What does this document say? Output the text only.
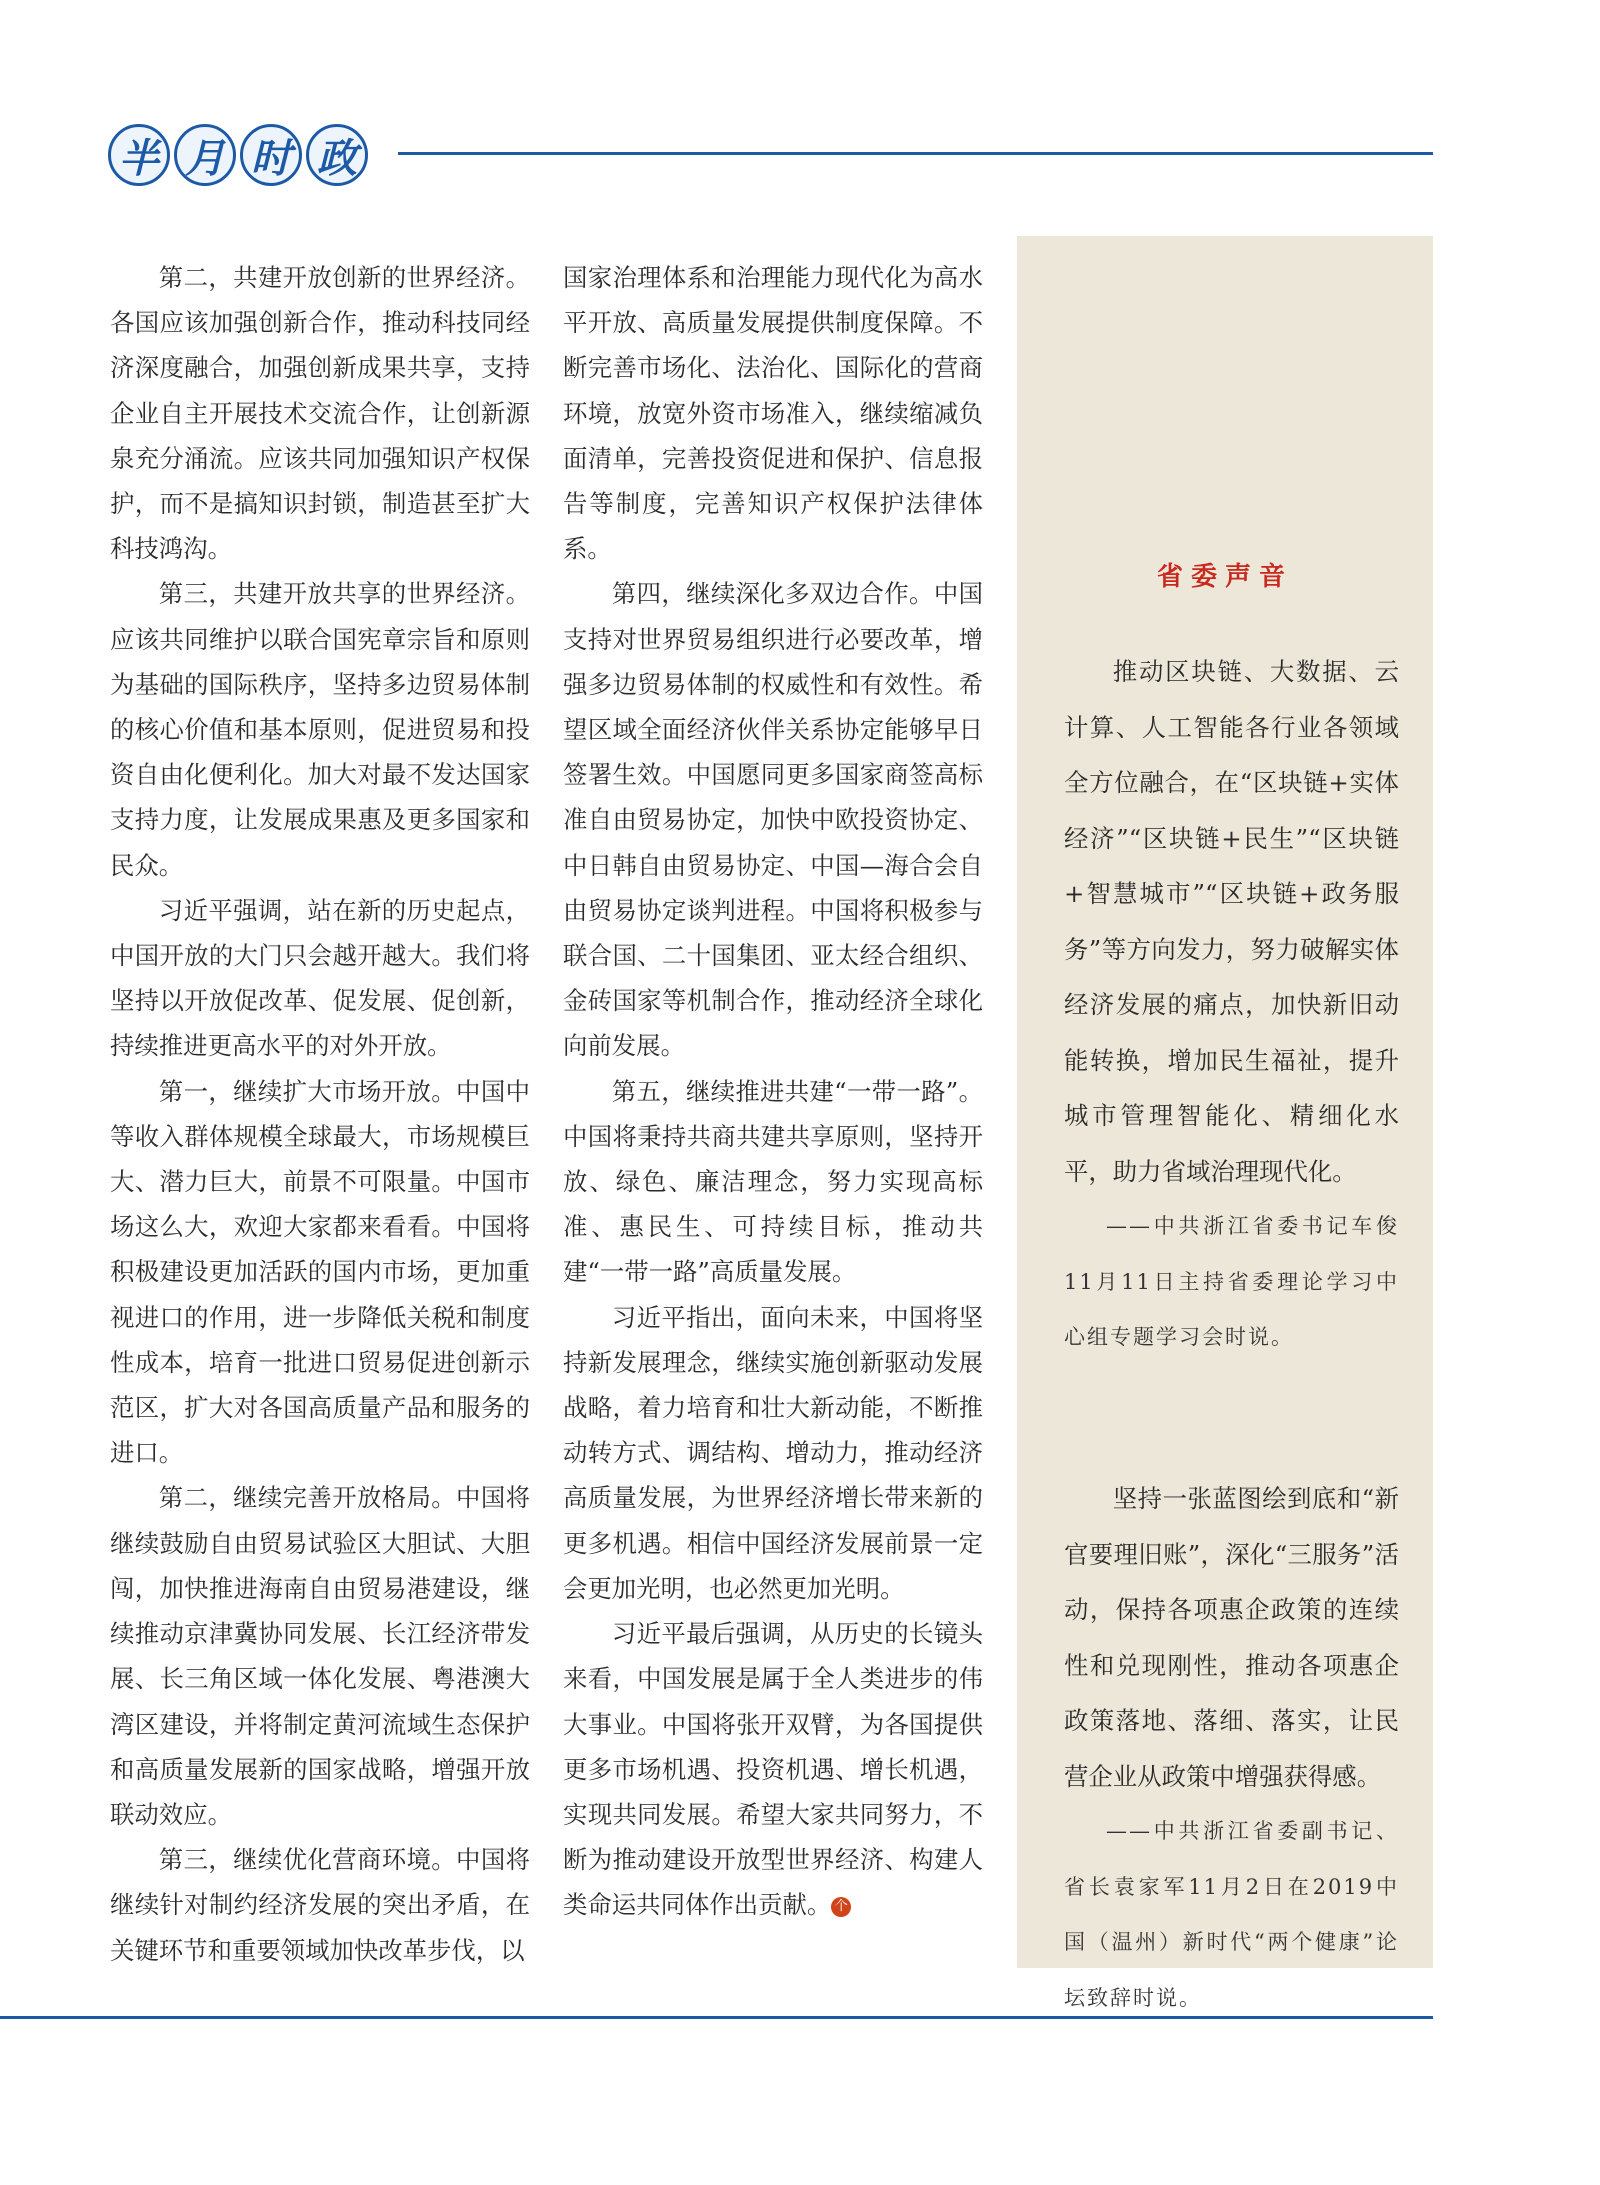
半 月 时 政

第二，共建开放创新的世界经济。各国应该加强创新合作，推动科技同经济深度融合，加强创新成果共享，支持企业自主开展技术交流合作，让创新源泉充分涌流。应该共同加强知识产权保护，而不是搞知识封锁，制造甚至扩大科技鸿沟。

第三，共建开放共享的世界经济。应该共同维护以联合国宪章宗旨和原则为基础的国际秩序，坚持多边贸易体制的核心价值和基本原则，促进贸易和投资自由化便利化。加大对最不发达国家支持力度，让发展成果惠及更多国家和民众。

习近平强调，站在新的历史起点，中国开放的大门只会越开越大。我们将坚持以开放促改革、促发展、促创新，持续推进更高水平的对外开放。

第一，继续扩大市场开放。中国中等收入群体规模全球最大，市场规模巨大、潜力巨大，前景不可限量。中国市场这么大，欢迎大家都来看看。中国将积极建设更加活跃的国内市场，更加重视进口的作用，进一步降低关税和制度性成本，培育一批进口贸易促进创新示范区，扩大对各国高质量产品和服务的进口。

第二，继续完善开放格局。中国将继续鼓励自由贸易试验区大胆试、大胆闯，加快推进海南自由贸易港建设，继续推动京津冀协同发展、长江经济带发展、长三角区域一体化发展、粤港澳大湾区建设，并将制定黄河流域生态保护和高质量发展新的国家战略，增强开放联动效应。

第三，继续优化营商环境。中国将继续针对制约经济发展的突出矛盾，在关键环节和重要领域加快改革步伐，以

国家治理体系和治理能力现代化为高水平开放、高质量发展提供制度保障。不断完善市场化、法治化、国际化的营商环境，放宽外资市场准入，继续缩减负面清单，完善投资促进和保护、信息报告等制度，完善知识产权保护法律体系。

第四，继续深化多双边合作。中国支持对世界贸易组织进行必要改革，增强多边贸易体制的权威性和有效性。希望区域全面经济伙伴关系协定能够早日签署生效。中国愿同更多国家商签高标准自由贸易协定，加快中欧投资协定、中日韩自由贸易协定、中国—海合会自由贸易协定谈判进程。中国将积极参与联合国、二十国集团、亚太经合组织、金砖国家等机制合作，推动经济全球化向前发展。

第五，继续推进共建“一带一路”。中国将秉持共商共建共享原则，坚持开放、绿色、廉洁理念，努力实现高标准、惠民生、可持续目标，推动共建“一带一路”高质量发展。

习近平指出，面向未来，中国将坚持新发展理念，继续实施创新驱动发展战略，着力培育和壮大新动能，不断推动转方式、调结构、增动力，推动经济高质量发展，为世界经济增长带来新的更多机遇。相信中国经济发展前景一定会更加光明，也必然更加光明。

习近平最后强调，从历史的长镜头来看，中国发展是属于全人类进步的伟大事业。中国将张开双臂，为各国提供更多市场机遇、投资机遇、增长机遇，实现共同发展。希望大家共同努力，不断为推动建设开放型世界经济、构建人类命运共同体作出贡献。 个

省委声音

推动区块链、大数据、云计算、人工智能各行业各领域全方位融合，在“区块链+实体经济”“区块链+民生”“区块链+智慧城市”“区块链+政务服务”等方向发力，努力破解实体经济发展的痛点，加快新旧动能转换，增加民生福祉，提升城市管理智能化、精细化水平，助力省域治理现代化。

——中共浙江省委书记车俊11月11日主持省委理论学习中心组专题学习会时说。

坚持一张蓝图绘到底和“新官要理旧账”，深化“三服务”活动，保持各项惠企政策的连续性和兑现刚性，推动各项惠企政策落地、落细、落实，让民营企业从政策中增强获得感。

——中共浙江省委副书记、省长袁家军11月2日在2019中国（温州）新时代“两个健康”论坛致辞时说。
